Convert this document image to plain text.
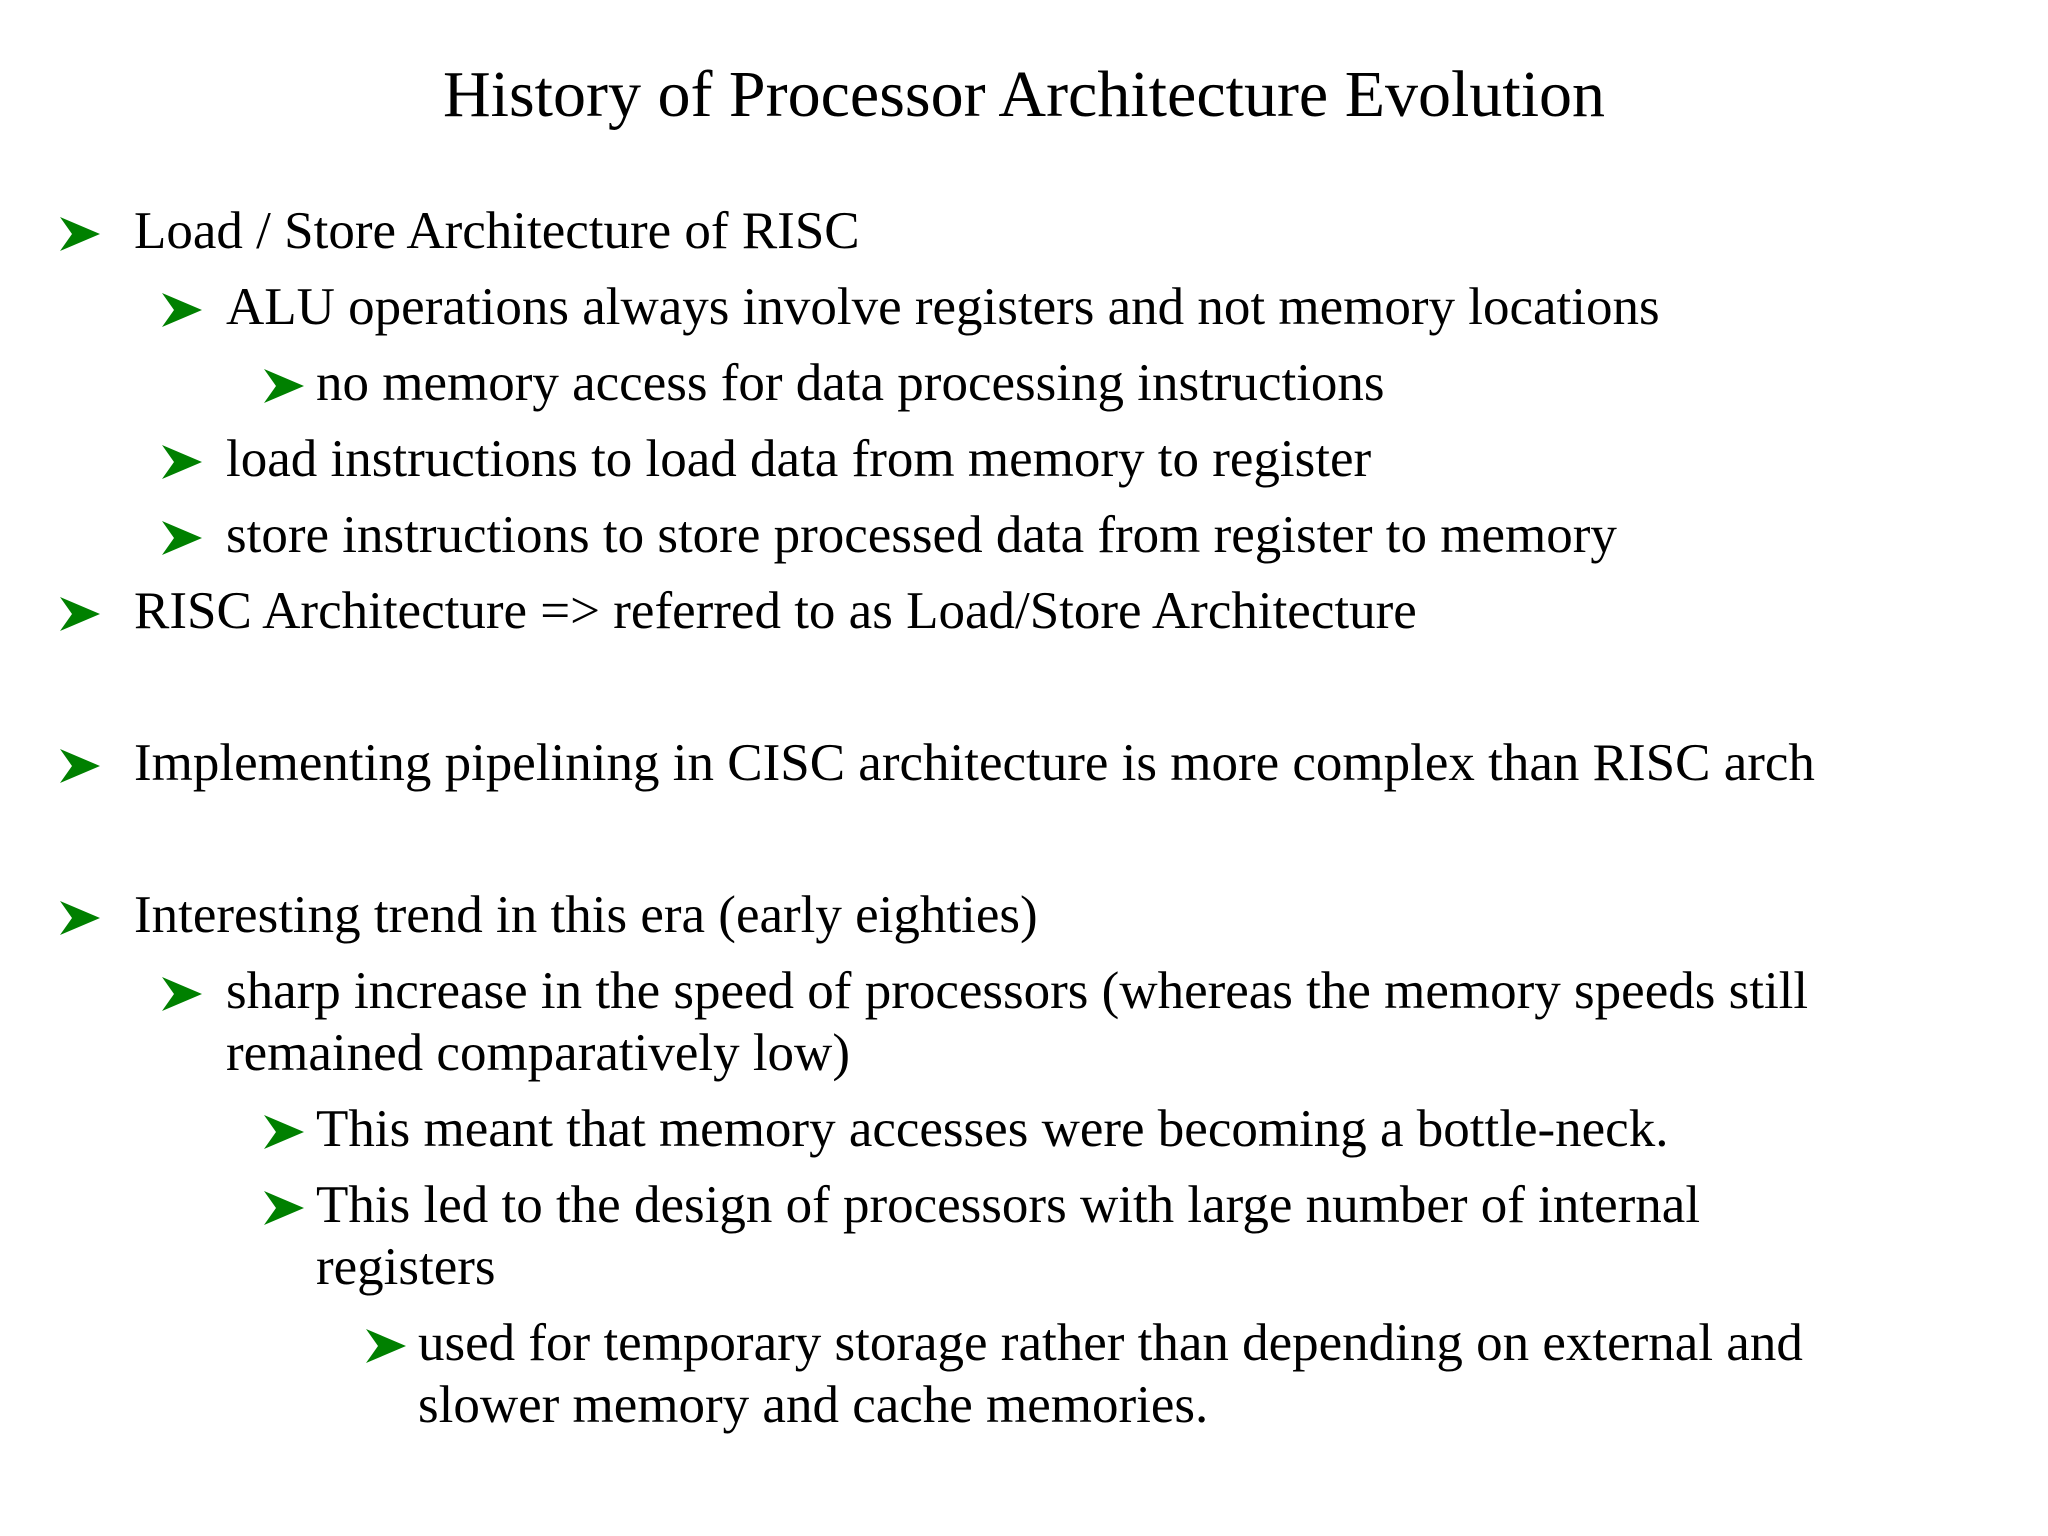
History of Processor Architecture Evolution
Load / Store Architecture of RISC
ALU operations always involve registers and not memory locations
no memory access for data processing instructions
load instructions to load data from memory to register
store instructions to store processed data from register to memory
RISC Architecture => referred to as Load/Store Architecture
Implementing pipelining in CISC architecture is more complex than RISC arch
Interesting trend in this era (early eighties)
sharp increase in the speed of processors (whereas the memory speeds still
remained comparatively low)
This meant that memory accesses were becoming a bottle-neck.
This led to the design of processors with large number of internal
registers
used for temporary storage rather than depending on external and
slower memory and cache memories.
